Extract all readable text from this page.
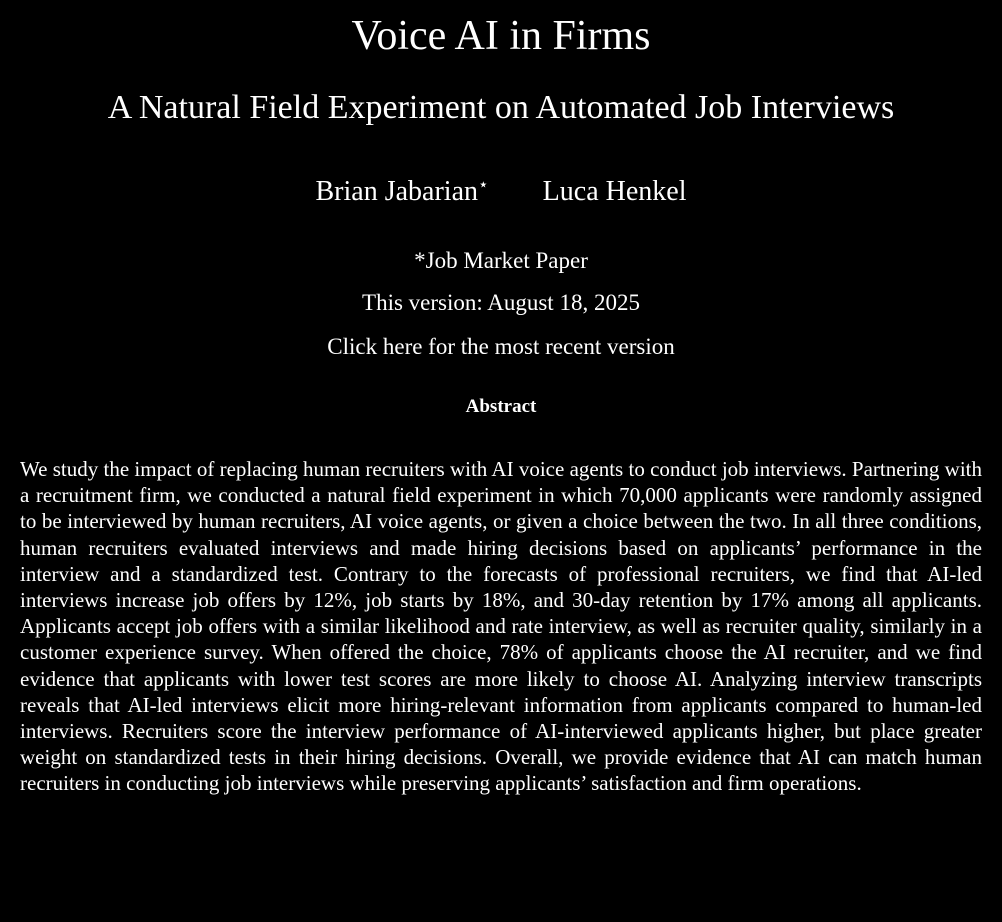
Voice AI in Firms
A Natural Field Experiment on Automated Job Interviews
Brian Jabarian⋆ Luca Henkel
*Job Market Paper
This version: August 18, 2025
Click here for the most recent version
Abstract

We study the impact of replacing human recruiters with AI voice agents to conduct job interviews. Partnering with a recruitment firm, we conducted a natural field experiment in which 70,000 applicants were randomly assigned to be interviewed by human recruiters, AI voice agents, or given a choice between the two. In all three conditions, human recruiters evaluated interviews and made hiring decisions based on applicants’ performance in the interview and a standardized test. Contrary to the forecasts of professional recruiters, we find that AI-led interviews increase job offers by 12%, job starts by 18%, and 30-day retention by 17% among all applicants. Applicants accept job offers with a similar likelihood and rate interview, as well as recruiter quality, similarly in a customer experience survey. When offered the choice, 78% of applicants choose the AI recruiter, and we find evidence that applicants with lower test scores are more likely to choose AI. Analyzing interview transcripts reveals that AI-led interviews elicit more hiring-relevant information from applicants compared to human-led interviews. Recruiters score the interview performance of AI-interviewed applicants higher, but place greater weight on standardized tests in their hiring decisions. Overall, we provide evidence that AI can match human recruiters in conducting job interviews while preserving applicants’ satisfaction and firm operations.
